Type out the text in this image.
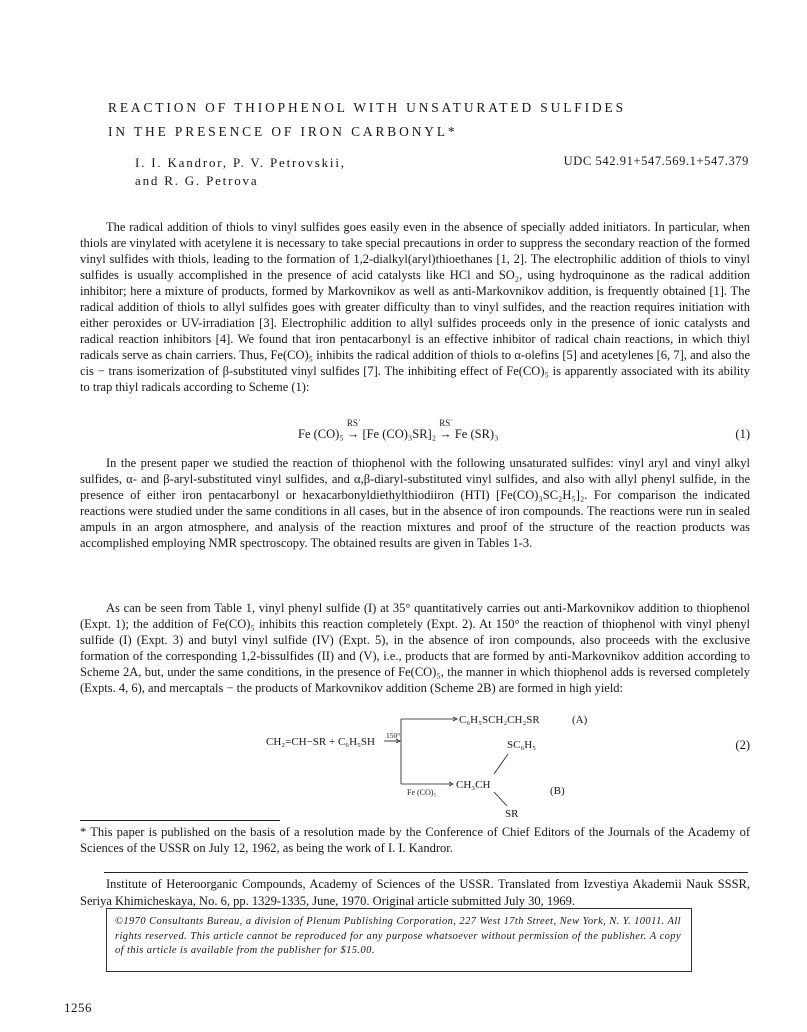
REACTION OF THIOPHENOL WITH UNSATURATED SULFIDES
IN THE PRESENCE OF IRON CARBONYL*
I. I. Kandror, P. V. Petrovskii,
and R. G. Petrova
UDC 542.91+547.569.1+547.379

The radical addition of thiols to vinyl sulfides goes easily even in the absence of specially added initiators. In particular, when thiols are vinylated with acetylene it is necessary to take special precautions in order to suppress the secondary reaction of the formed vinyl sulfides with thiols, leading to the formation of 1,2-dialkyl(aryl)thioethanes [1, 2]. The electrophilic addition of thiols to vinyl sulfides is usually accomplished in the presence of acid catalysts like HCl and SO₂, using hydroquinone as the radical addition inhibitor; here a mixture of products, formed by Markovnikov as well as anti-Markovnikov addition, is frequently obtained [1]. The radical addition of thiols to allyl sulfides goes with greater difficulty than to vinyl sulfides, and the reaction requires initiation with either peroxides or UV-irradiation [3]. Electrophilic addition to allyl sulfides proceeds only in the presence of ionic catalysts and radical reaction inhibitors [4]. We found that iron pentacarbonyl is an effective inhibitor of radical chain reactions, in which thiyl radicals serve as chain carriers. Thus, Fe(CO)₅ inhibits the radical addition of thiols to α-olefins [5] and acetylenes [6, 7], and also the cis − trans isomerization of β-substituted vinyl sulfides [7]. The inhibiting effect of Fe(CO)₅ is apparently associated with its ability to trap thiyl radicals according to Scheme (1):

Fe (CO)₅
RS˙
→ [Fe (CO)₃SR]₂
RS˙
→ Fe (SR)₃	(1)

In the present paper we studied the reaction of thiophenol with the following unsaturated sulfides: vinyl aryl and vinyl alkyl sulfides, α- and β-aryl-substituted vinyl sulfides, and α,β-diaryl-substituted vinyl sulfides, and also with allyl phenyl sulfide, in the presence of either iron pentacarbonyl or hexacarbonyldiethylthiodiiron (HTI) [Fe(CO)₃SC₂H₅]₂. For comparison the indicated reactions were studied under the same conditions in all cases, but in the absence of iron compounds. The reactions were run in sealed ampuls in an argon atmosphere, and analysis of the reaction mixtures and proof of the structure of the reaction products was accomplished employing NMR spectroscopy. The obtained results are given in Tables 1-3.

As can be seen from Table 1, vinyl phenyl sulfide (I) at 35° quantitatively carries out anti-Markovnikov addition to thiophenol (Expt. 1); the addition of Fe(CO)₅ inhibits this reaction completely (Expt. 2). At 150° the reaction of thiophenol with vinyl phenyl sulfide (I) (Expt. 3) and butyl vinyl sulfide (IV) (Expt. 5), in the absence of iron compounds, also proceeds with the exclusive formation of the corresponding 1,2-bissulfides (II) and (V), i.e., products that are formed by anti-Markovnikov addition according to Scheme 2A, but, under the same conditions, in the presence of Fe(CO)₅, the manner in which thiophenol adds is reversed completely (Expts. 4, 6), and mercaptals − the products of Markovnikov addition (Scheme 2B) are formed in high yield:

CH₂=CH−SR + C₆H₅SH
150°
C₆H₅SCH₂CH₂SR	(A)
Fe (CO)₅
SC₆H₅
CH₃CH
SR
(B)
(2)
* This paper is published on the basis of a resolution made by the Conference of Chief Editors of the Journals of the Academy of Sciences of the USSR on July 12, 1962, as being the work of I. I. Kandror.
Institute of Heteroorganic Compounds, Academy of Sciences of the USSR. Translated from Izvestiya Akademii Nauk SSSR, Seriya Khimicheskaya, No. 6, pp. 1329-1335, June, 1970. Original article submitted July 30, 1969.
©1970 Consultants Bureau, a division of Plenum Publishing Corporation, 227 West 17th Street, New York, N. Y. 10011. All rights reserved. This article cannot be reproduced for any purpose whatsoever without permission of the publisher. A copy of this article is available from the publisher for $15.00.
1256
